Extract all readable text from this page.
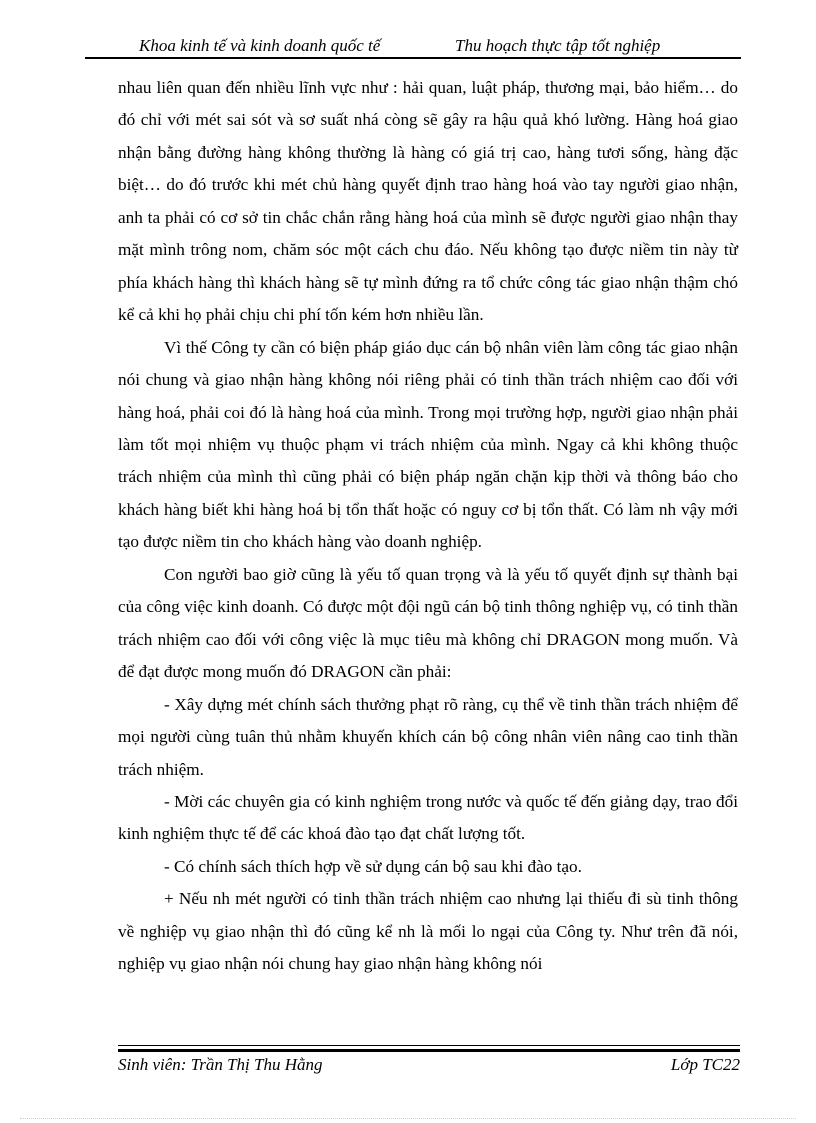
Khoa kinh tế và kinh doanh quốc tế	Thu hoạch thực tập tốt nghiệp

nhau liên quan đến nhiều lĩnh vực như : hải quan, luật pháp, thương mại, bảo hiểm… do đó chỉ với mét sai sót và sơ suất nhá còng sẽ gây ra hậu quả khó lường. Hàng hoá giao nhận bằng đường hàng không thường là hàng có giá trị cao, hàng tươi sống, hàng đặc biệt… do đó trước khi mét chủ hàng quyết định trao hàng hoá vào tay người giao nhận, anh ta phải có cơ sở tin chắc chắn rằng hàng hoá của mình sẽ được người giao nhận thay mặt mình trông nom, chăm sóc một cách chu đáo. Nếu không tạo được niềm tin này từ phía khách hàng thì khách hàng sẽ tự mình đứng ra tổ chức công tác giao nhận thậm chó kể cả khi họ phải chịu chi phí tốn kém hơn nhiều lần.

Vì thế Công ty cần có biện pháp giáo dục cán bộ nhân viên làm công tác giao nhận nói chung và giao nhận hàng không nói riêng phải có tinh thần trách nhiệm cao đối với hàng hoá, phải coi đó là hàng hoá của mình. Trong mọi trường hợp, người giao nhận phải làm tốt mọi nhiệm vụ thuộc phạm vi trách nhiệm của mình. Ngay cả khi không thuộc trách nhiệm của mình thì cũng phải có biện pháp ngăn chặn kịp thời và thông báo cho khách hàng biết khi hàng hoá bị tổn thất hoặc có nguy cơ bị tổn thất. Có làm nh vậy mới tạo được niềm tin cho khách hàng vào doanh nghiệp.

Con người bao giờ cũng là yếu tố quan trọng và là yếu tố quyết định sự thành bại của công việc kinh doanh. Có được một đội ngũ cán bộ tinh thông nghiệp vụ, có tinh thần trách nhiệm cao đối với công việc là mục tiêu mà không chỉ DRAGON mong muốn. Và để đạt được mong muốn đó DRAGON cần phải:

- Xây dựng mét chính sách thưởng phạt rõ ràng, cụ thể về tinh thần trách nhiệm để mọi người cùng tuân thủ nhằm khuyến khích cán bộ công nhân viên nâng cao tinh thần trách nhiệm.

- Mời các chuyên gia có kinh nghiệm trong nước và quốc tế đến giảng dạy, trao đổi kinh nghiệm thực tế để các khoá đào tạo đạt chất lượng tốt.

- Có chính sách thích hợp về sử dụng cán bộ sau khi đào tạo.

+ Nếu nh mét người có tinh thần trách nhiệm cao nhưng lại thiếu đi sù tinh thông về nghiệp vụ giao nhận thì đó cũng kể nh là mối lo ngại của Công ty. Như trên đã nói, nghiệp vụ giao nhận nói chung hay giao nhận hàng không nói

Sinh viên: Trần Thị Thu Hằng	Lớp TC22
